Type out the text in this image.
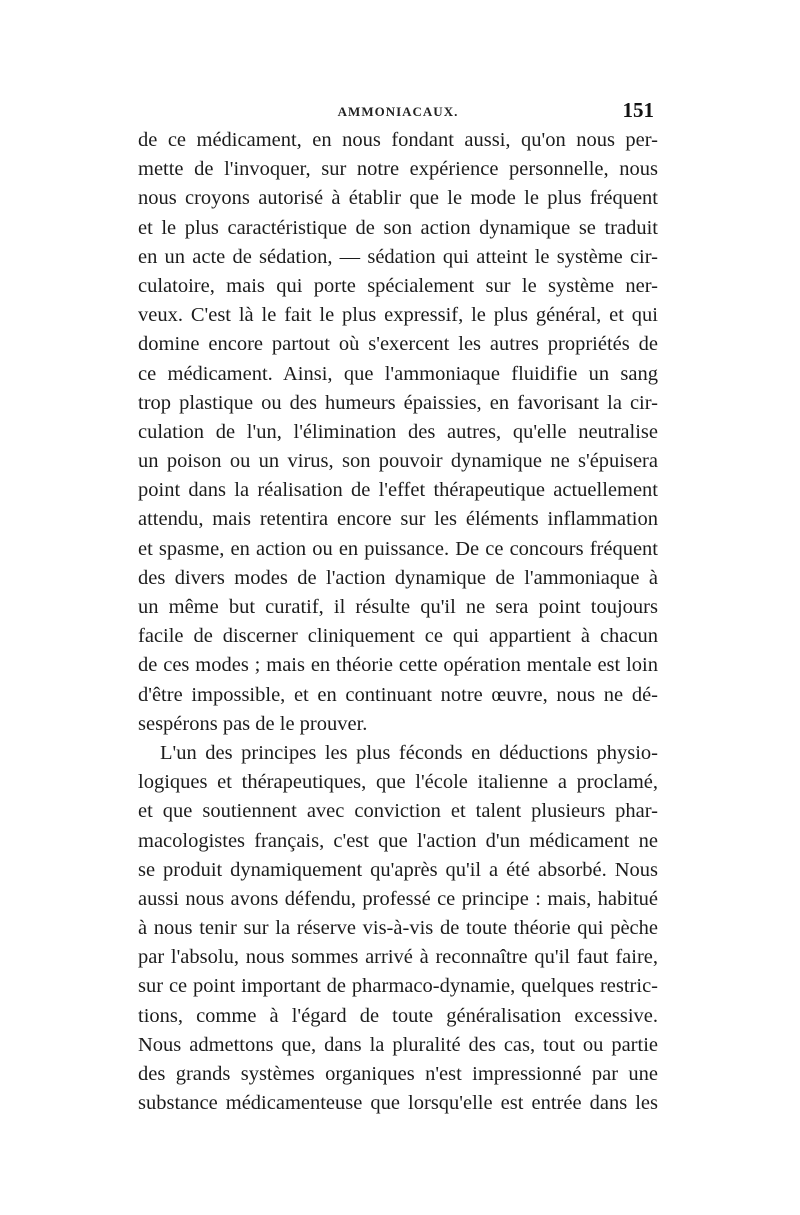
AMMONIACAUX.	151
de ce médicament, en nous fondant aussi, qu'on nous per-
mette de l'invoquer, sur notre expérience personnelle, nous
nous croyons autorisé à établir que le mode le plus fréquent
et le plus caractéristique de son action dynamique se traduit
en un acte de sédation, — sédation qui atteint le système cir-
culatoire, mais qui porte spécialement sur le système ner-
veux. C'est là le fait le plus expressif, le plus général, et qui
domine encore partout où s'exercent les autres propriétés de
ce médicament. Ainsi, que l'ammoniaque fluidifie un sang
trop plastique ou des humeurs épaissies, en favorisant la cir-
culation de l'un, l'élimination des autres, qu'elle neutralise
un poison ou un virus, son pouvoir dynamique ne s'épuisera
point dans la réalisation de l'effet thérapeutique actuellement
attendu, mais retentira encore sur les éléments inflammation
et spasme, en action ou en puissance. De ce concours fréquent
des divers modes de l'action dynamique de l'ammoniaque à
un même but curatif, il résulte qu'il ne sera point toujours
facile de discerner cliniquement ce qui appartient à chacun
de ces modes ; mais en théorie cette opération mentale est loin
d'être impossible, et en continuant notre œuvre, nous ne dé-
sespérons pas de le prouver.
L'un des principes les plus féconds en déductions physio-
logiques et thérapeutiques, que l'école italienne a proclamé,
et que soutiennent avec conviction et talent plusieurs phar-
macologistes français, c'est que l'action d'un médicament ne
se produit dynamiquement qu'après qu'il a été absorbé. Nous
aussi nous avons défendu, professé ce principe : mais, habitué
à nous tenir sur la réserve vis-à-vis de toute théorie qui pèche
par l'absolu, nous sommes arrivé à reconnaître qu'il faut faire,
sur ce point important de pharmaco-dynamie, quelques restric-
tions, comme à l'égard de toute généralisation excessive.
Nous admettons que, dans la pluralité des cas, tout ou partie
des grands systèmes organiques n'est impressionné par une
substance médicamenteuse que lorsqu'elle est entrée dans les
